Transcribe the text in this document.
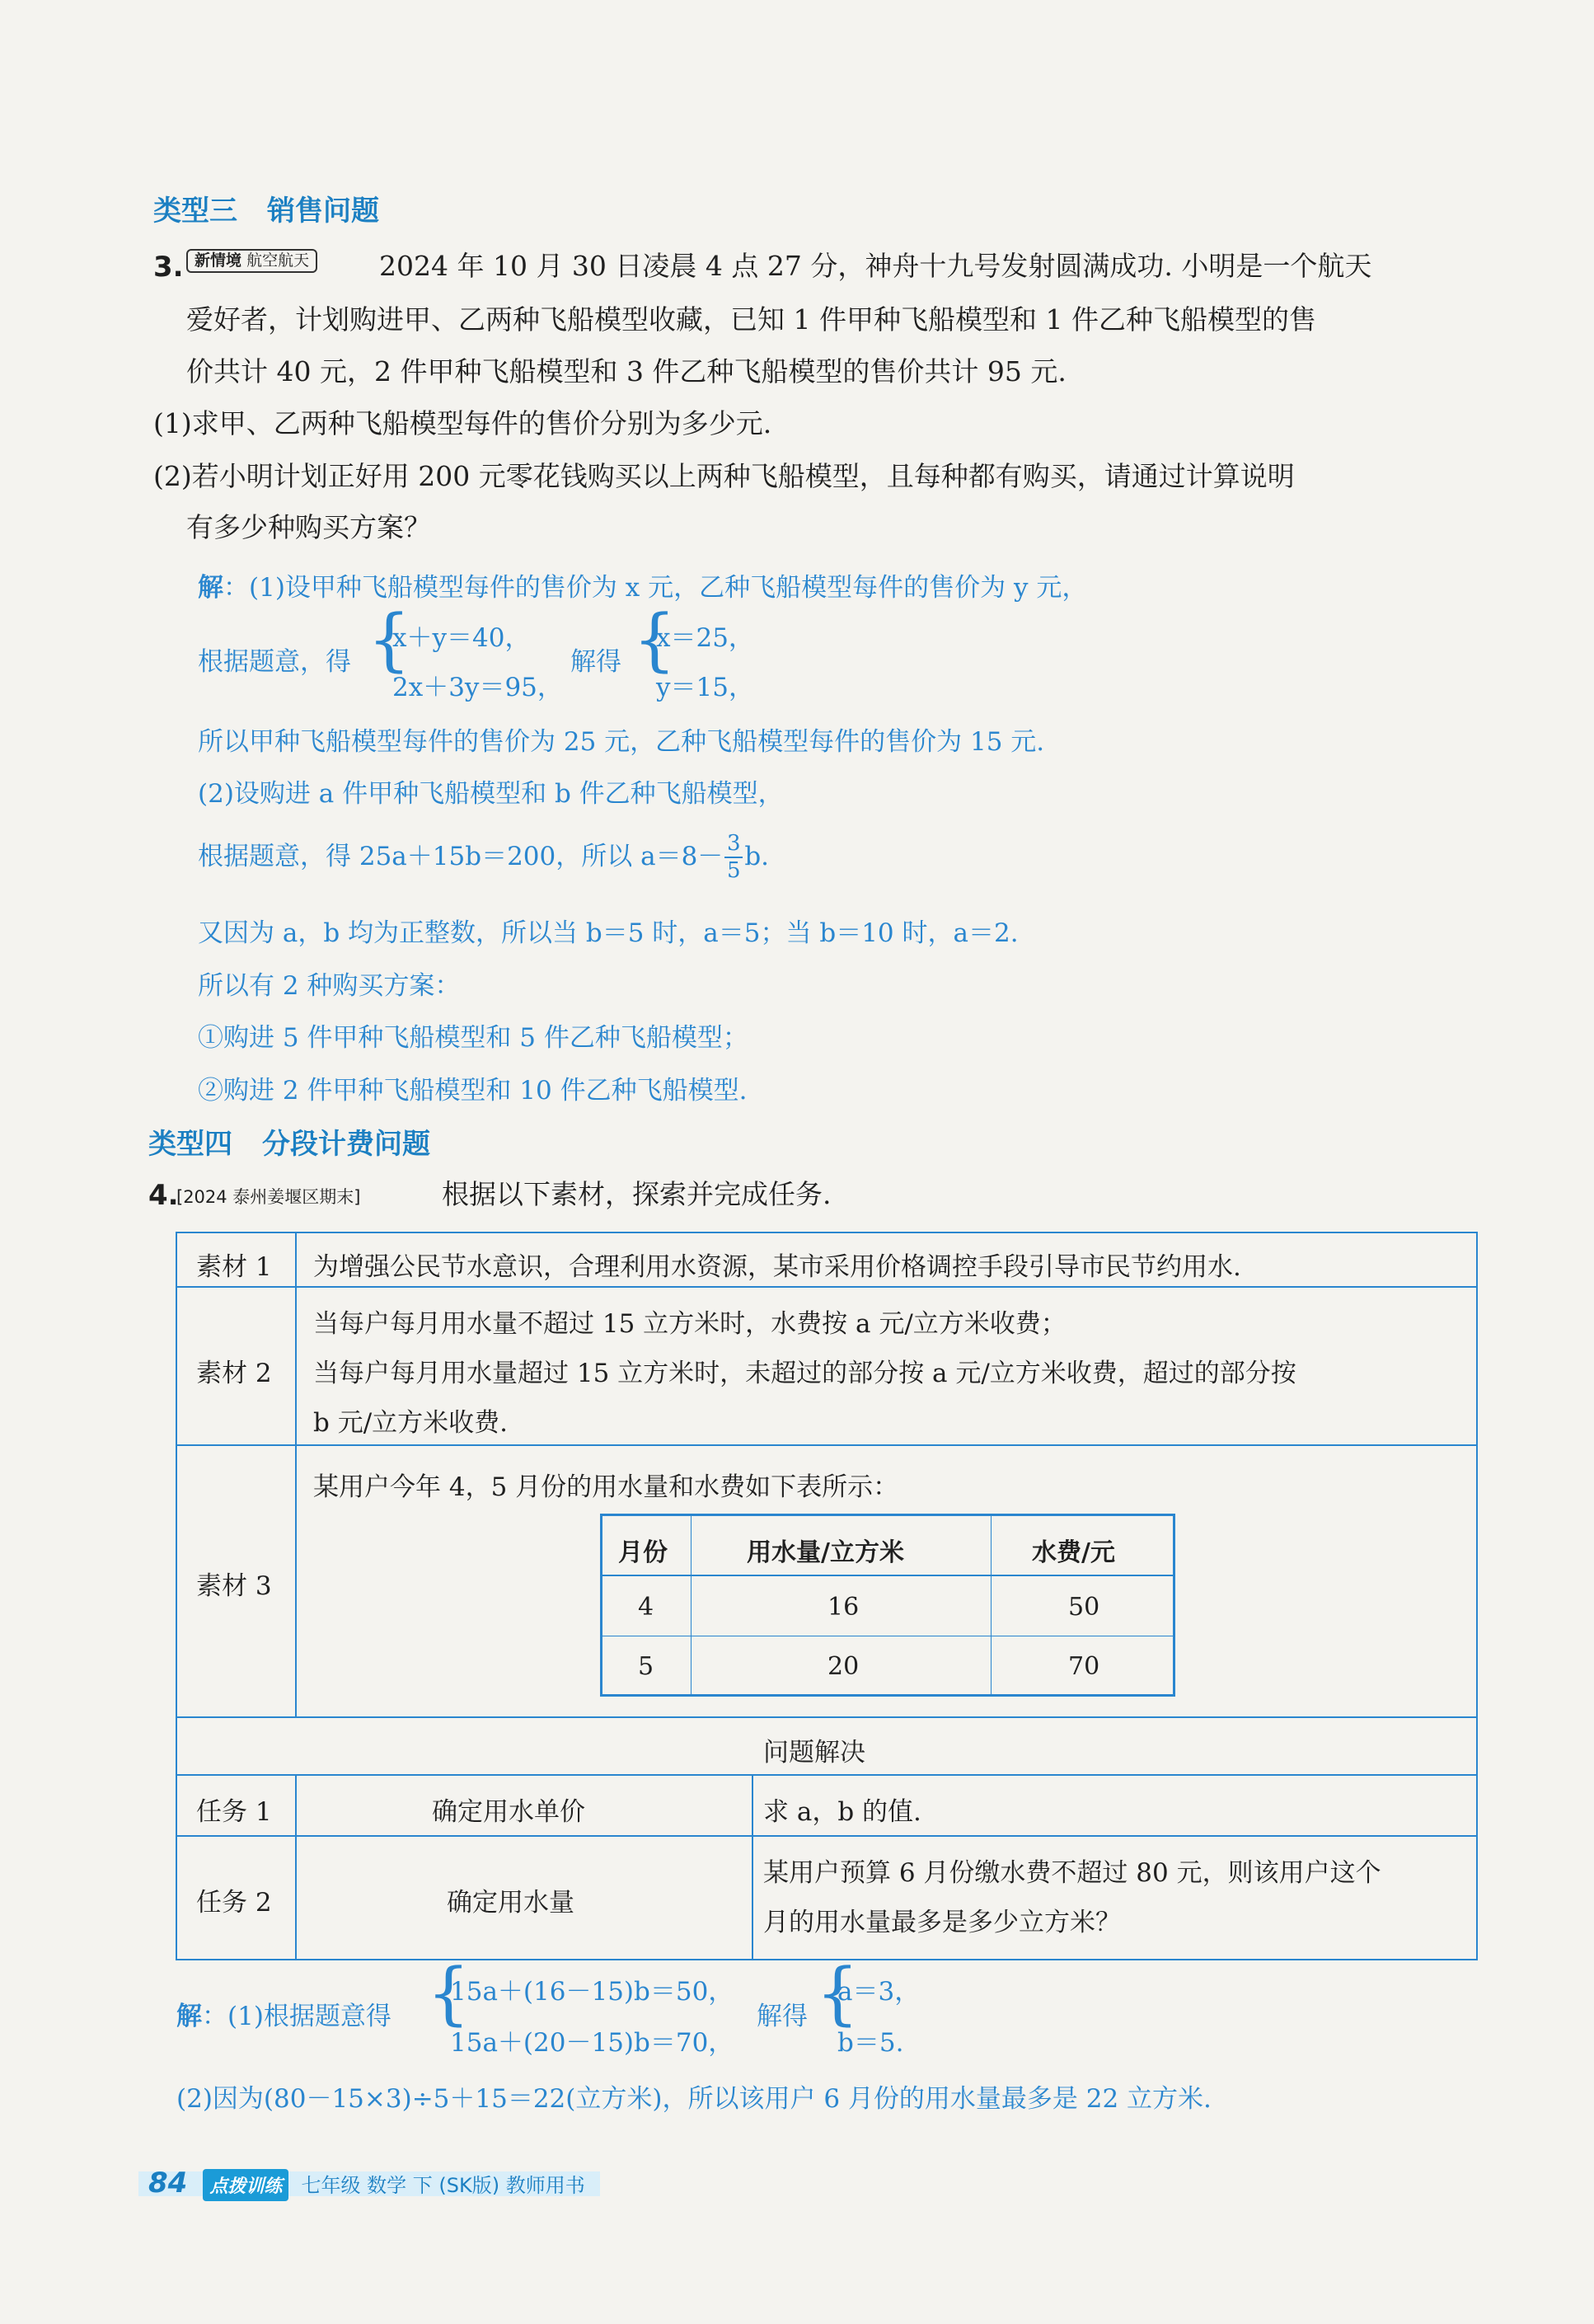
类型三 销售问题
3. 新情境 航空航天	2024 年 10 月 30 日凌晨 4 点 27 分，神舟十九号发射圆满成功. 小明是一个航天
爱好者，计划购进甲、乙两种飞船模型收藏，已知 1 件甲种飞船模型和 1 件乙种飞船模型的售
价共计 40 元，2 件甲种飞船模型和 3 件乙种飞船模型的售价共计 95 元.
(1)求甲、乙两种飞船模型每件的售价分别为多少元.
(2)若小明计划正好用 200 元零花钱购买以上两种飞船模型，且每种都有购买，请通过计算说明
有多少种购买方案？
解：(1)设甲种飞船模型每件的售价为 x 元，乙种飞船模型每件的售价为 y 元，
根据题意，得 {
x＋y＝40，
2x＋3y＝95，
解得 {
x＝25，
y＝15，
所以甲种飞船模型每件的售价为 25 元，乙种飞船模型每件的售价为 15 元.
(2)设购进 a 件甲种飞船模型和 b 件乙种飞船模型，
根据题意，得 25a＋15b＝200，所以 $a=8- \frac{3}{5} b$.
又因为 a，b 均为正整数，所以当 b＝5 时，a＝5；当 b＝10 时，a＝2.
所以有 2 种购买方案：
①购进 5 件甲种飞船模型和 5 件乙种飞船模型；
②购进 2 件甲种飞船模型和 10 件乙种飞船模型.
类型四 分段计费问题
4.
[2024 泰州姜堰区期末]	根据以下素材，探索并完成任务.
素材 1 为增强公民节水意识，合理利用水资源，某市采用价格调控手段引导市民节约用水.
素材 2
当每户每月用水量不超过 15 立方米时，水费按 a 元/立方米收费；
当每户每月用水量超过 15 立方米时，未超过的部分按 a 元/立方米收费，超过的部分按
b 元/立方米收费.
素材 3
某用户今年 4，5 月份的用水量和水费如下表所示：
月份	用水量/立方米	水费/元
4	16	50
5	20	70
问题解决
任务 1	确定用水单价	求 a，b 的值.
任务 2	确定用水量
某用户预算 6 月份缴水费不超过 80 元，则该用户这个
月的用水量最多是多少立方米？
解：(1)根据题意得 {
15a＋(16－15)b＝50，
15a＋(20－15)b＝70，
解得 {
a＝3，
b＝5.
(2)因为(80－15×3)÷5＋15＝22(立方米)，所以该用户 6 月份的用水量最多是 22 立方米.
84 点拨训练 七年级 数学 下 (SK版) 教师用书
